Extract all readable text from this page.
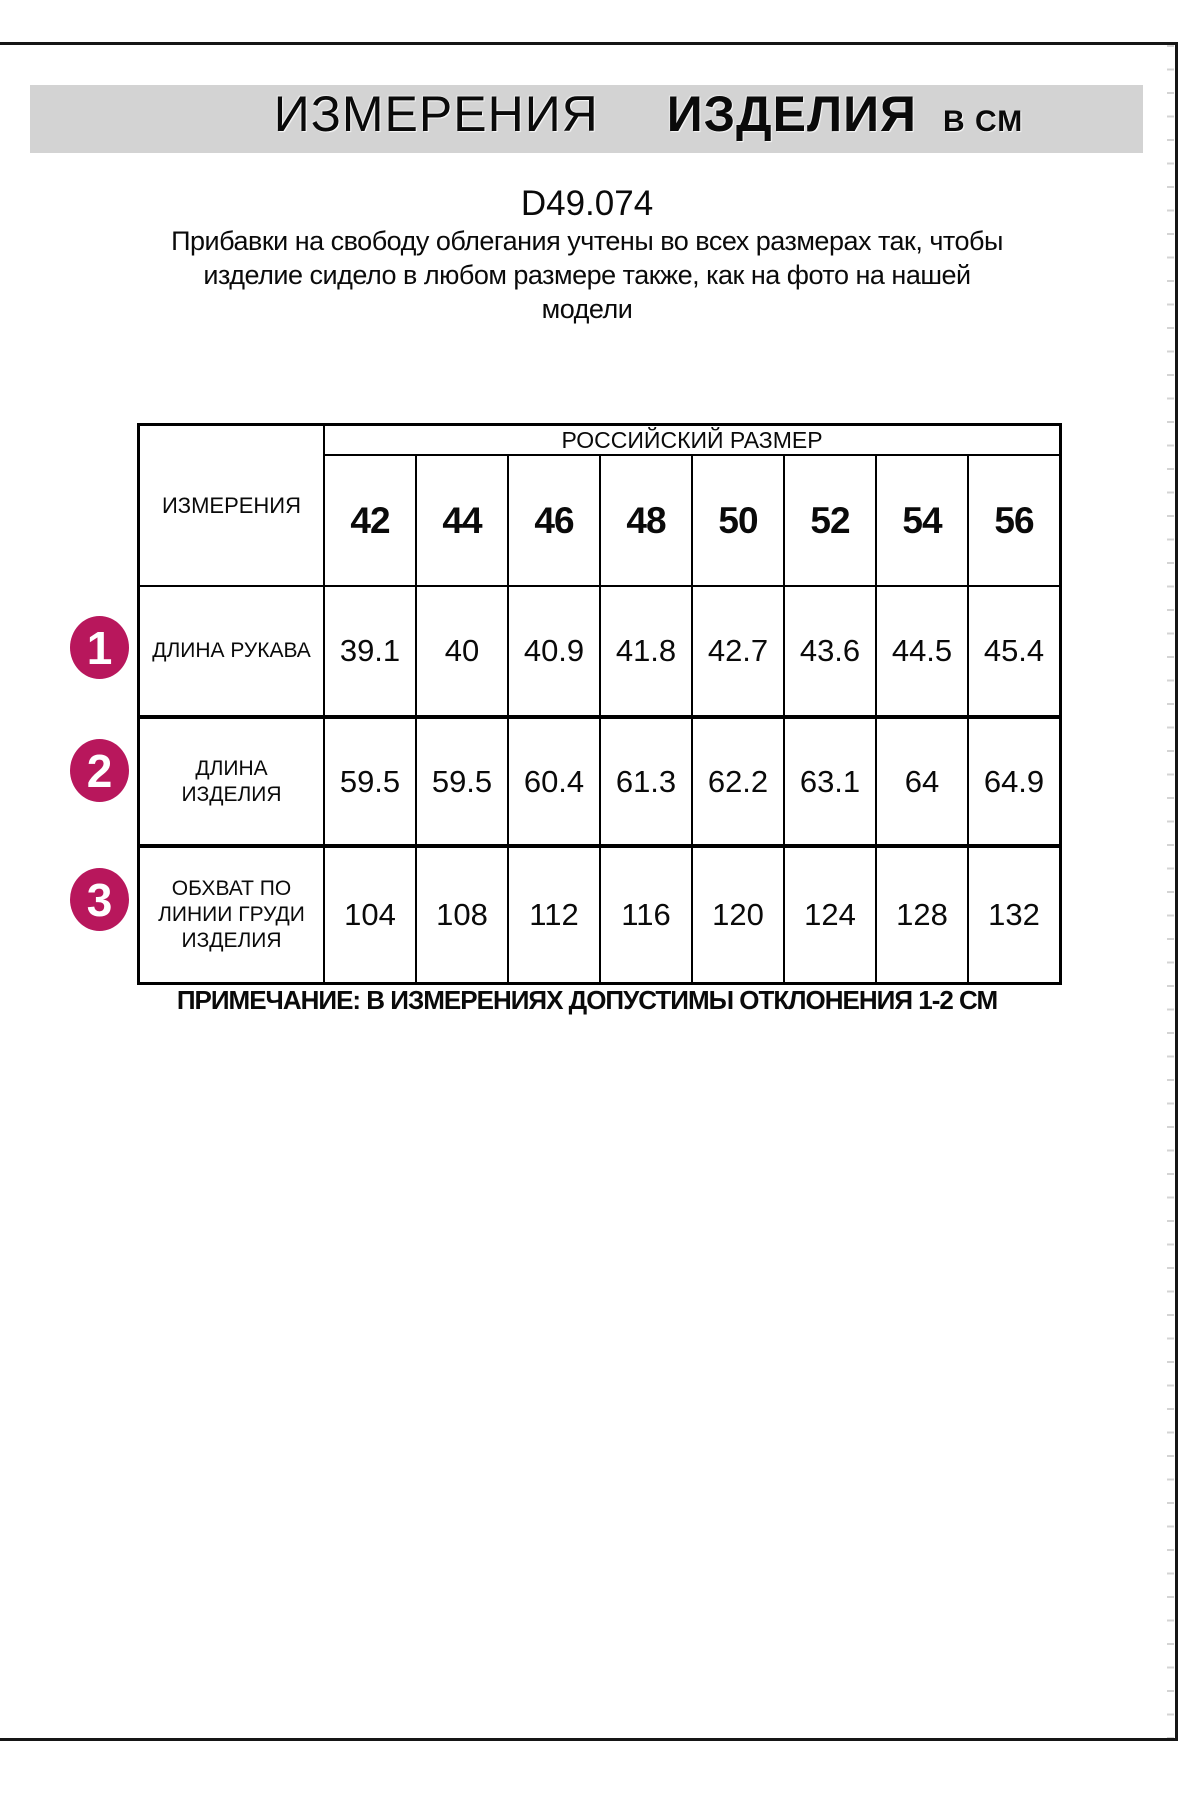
ИЗМЕРЕНИЯ ИЗДЕЛИЯ В СМ
D49.074
Прибавки на свободу облегания учтены во всех размерах так, чтобы
изделие сидело в любом размере также, как на фото на нашей
модели
ИЗМЕРЕНИЯ	РОССИЙСКИЙ РАЗМЕР							
	42	44	46	48	50	52	54	56

ДЛИНА РУКАВА	39.1	40	40.9	41.8	42.7	43.6	44.5	45.4

ДЛИНА
ИЗДЕЛИЯ	59.5	59.5	60.4	61.3	62.2	63.1	64	64.9

ОБХВАТ ПО
ЛИНИИ ГРУДИ
ИЗДЕЛИЯ	104	108	112	116	120	124	128	132
1
2
3
ПРИМЕЧАНИЕ: В ИЗМЕРЕНИЯХ ДОПУСТИМЫ ОТКЛОНЕНИЯ 1-2 СМ
